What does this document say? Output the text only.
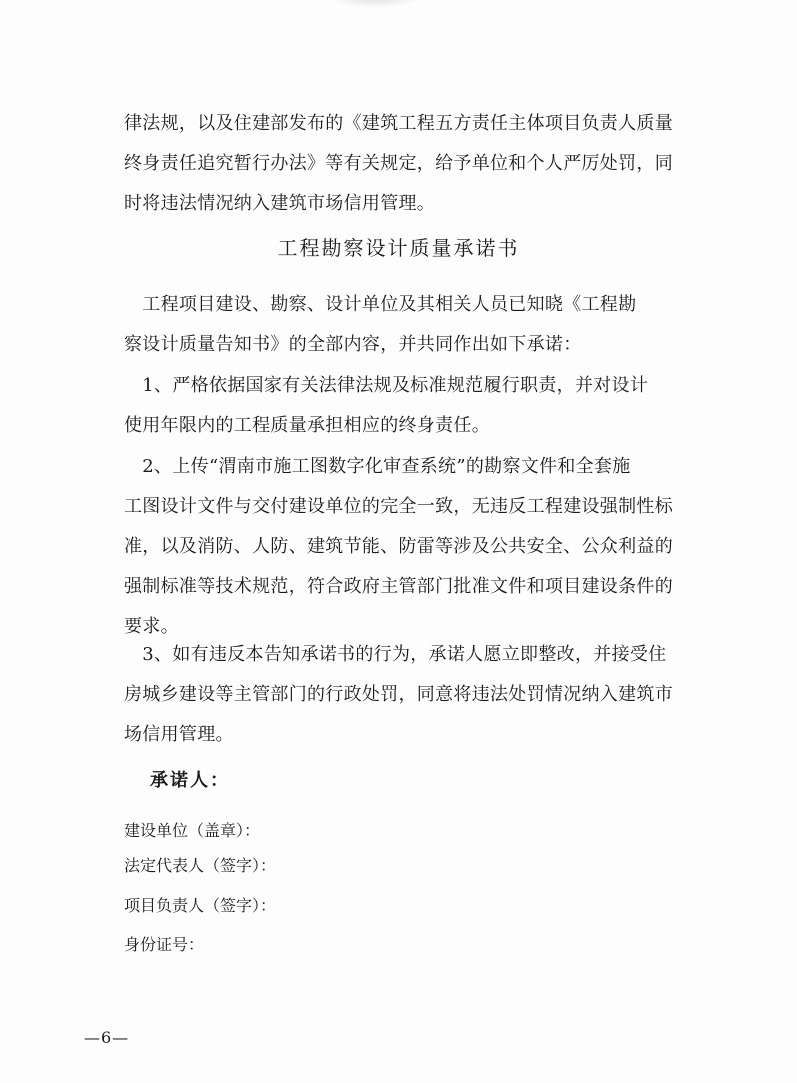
律法规，以及住建部发布的《建筑工程五方责任主体项目负责人质量
终身责任追究暂行办法》等有关规定，给予单位和个人严厉处罚，同
时将违法情况纳入建筑市场信用管理。

工程勘察设计质量承诺书

　工程项目建设、勘察、设计单位及其相关人员已知晓《工程勘
察设计质量告知书》的全部内容，并共同作出如下承诺：

　1、严格依据国家有关法律法规及标准规范履行职责，并对设计
使用年限内的工程质量承担相应的终身责任。

　2、上传“渭南市施工图数字化审查系统”的勘察文件和全套施
工图设计文件与交付建设单位的完全一致，无违反工程建设强制性标
准，以及消防、人防、建筑节能、防雷等涉及公共安全、公众利益的
强制标准等技术规范，符合政府主管部门批准文件和项目建设条件的
要求。

　3、如有违反本告知承诺书的行为，承诺人愿立即整改，并接受住
房城乡建设等主管部门的行政处罚，同意将违法处罚情况纳入建筑市
场信用管理。

承诺人：

建设单位（盖章）：

法定代表人（签字）：

项目负责人（签字）：

身份证号：

—6—
